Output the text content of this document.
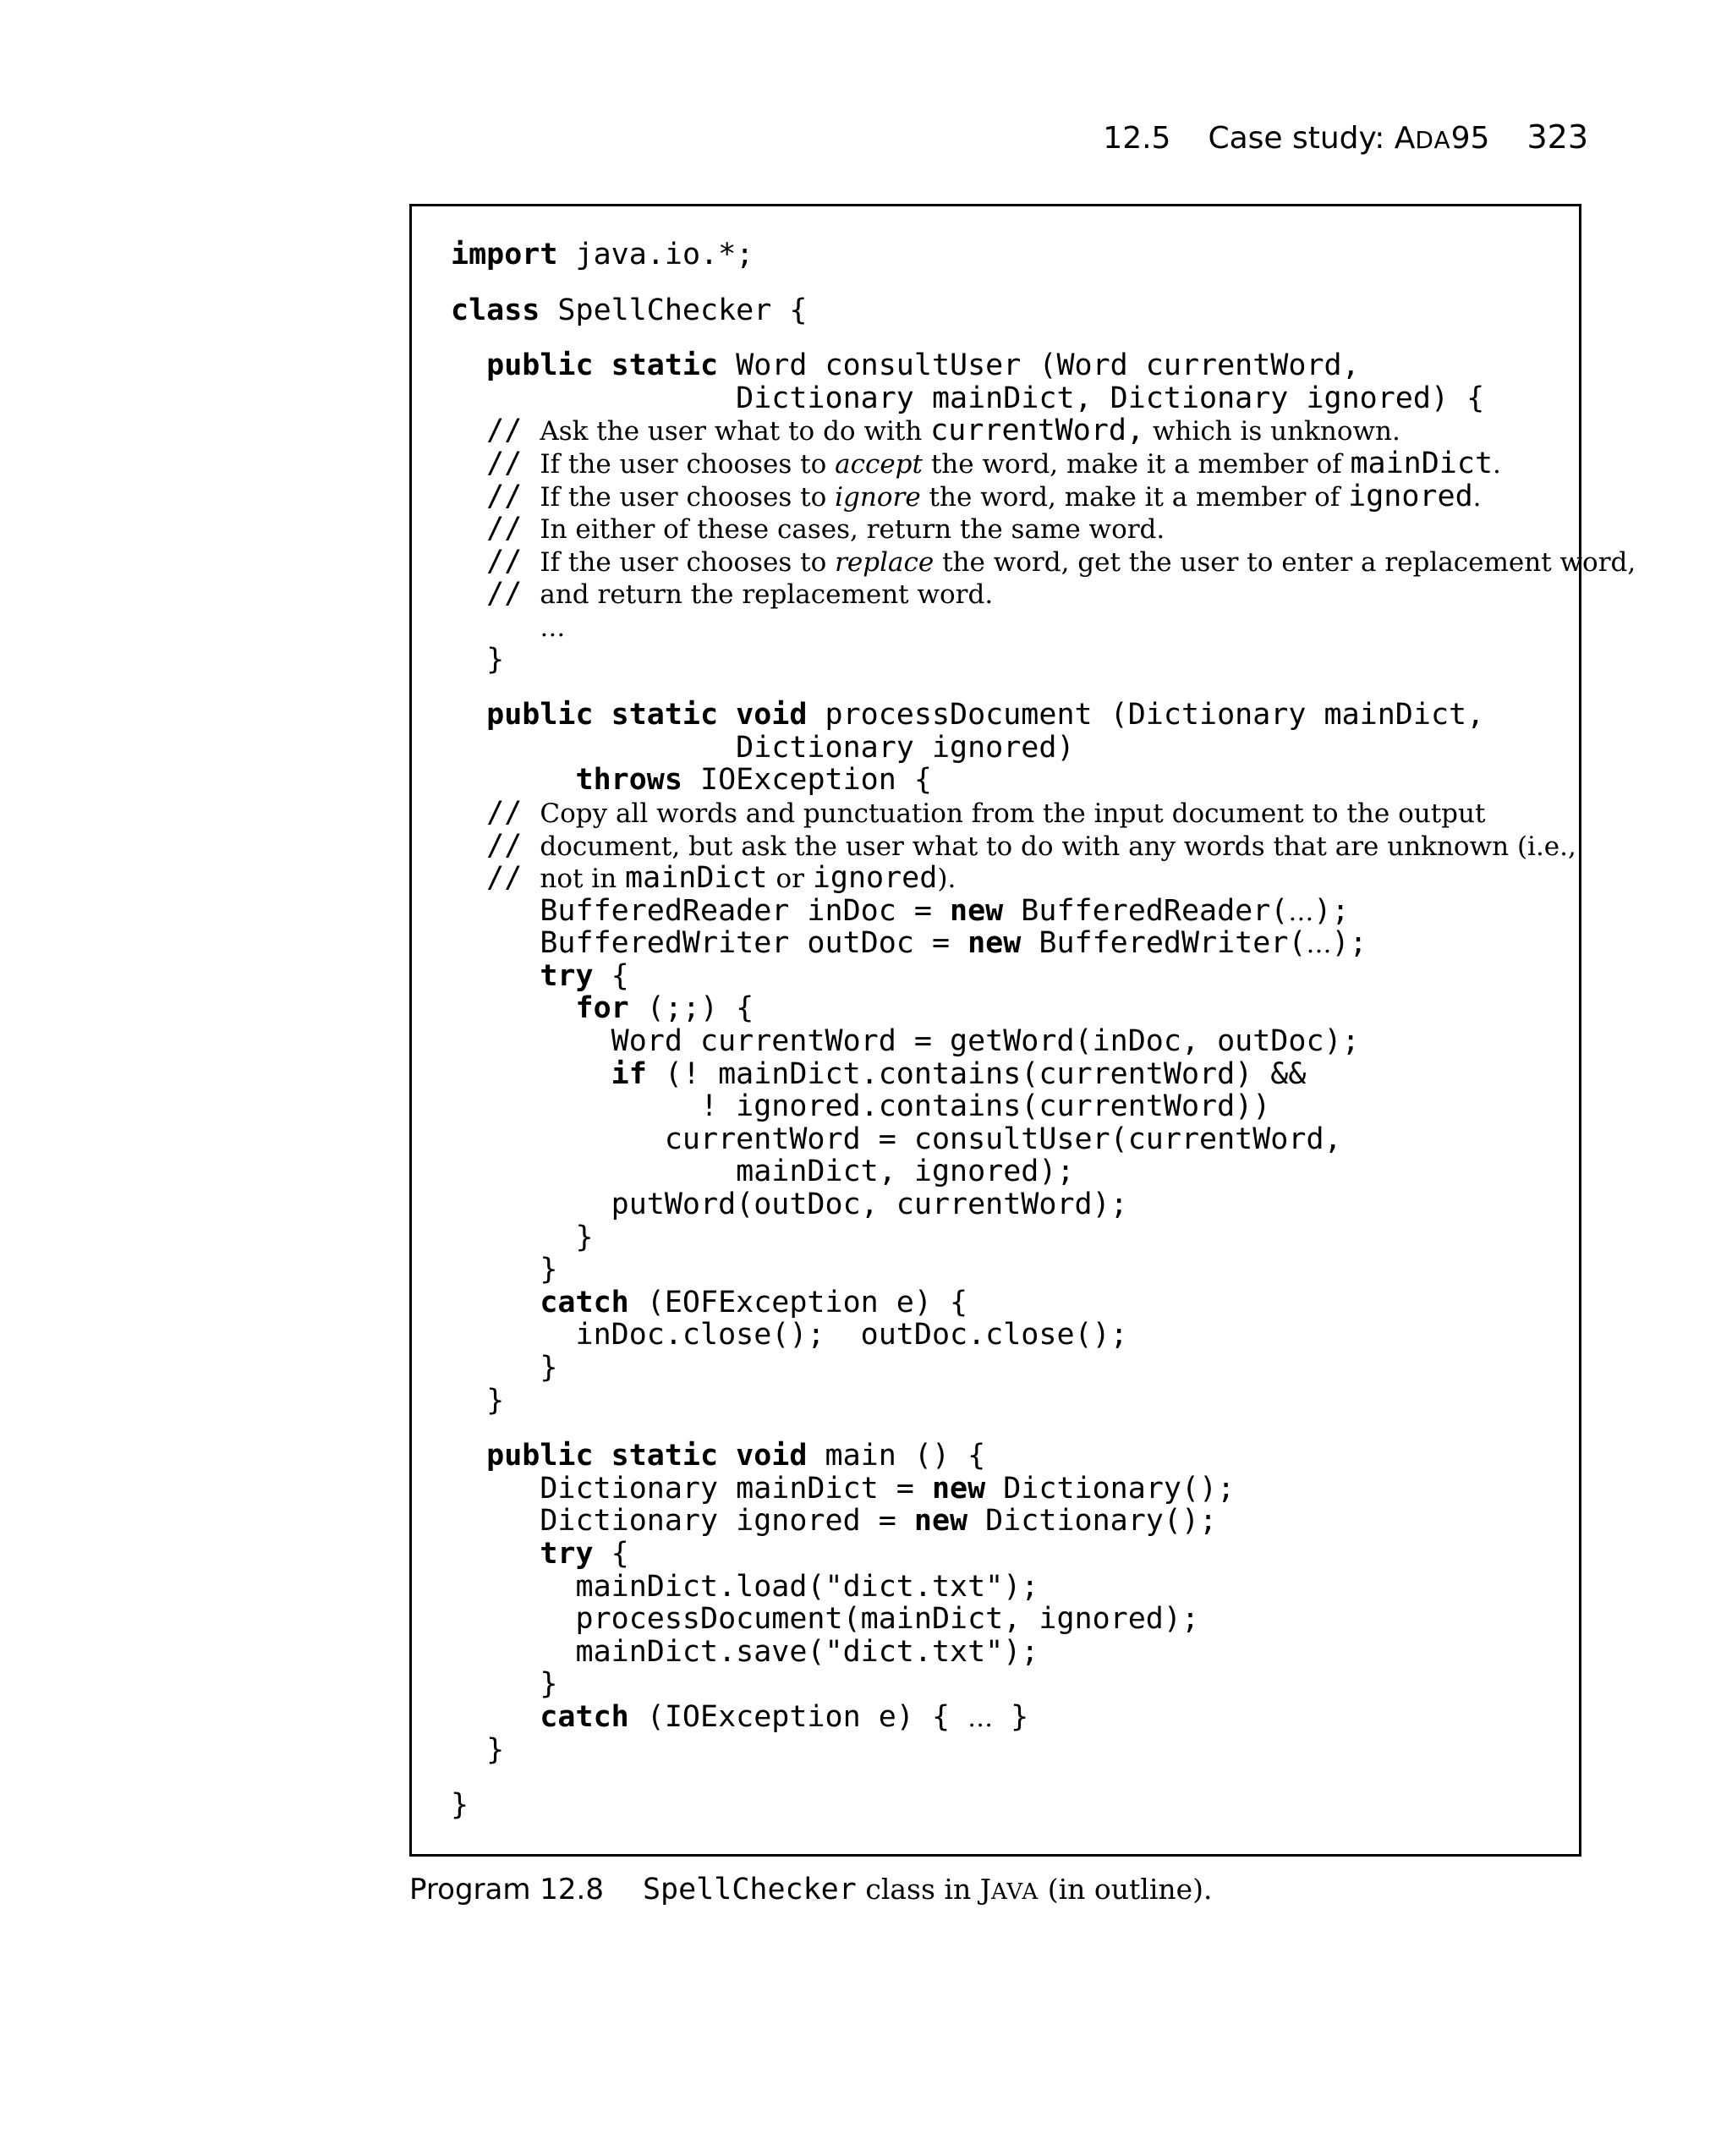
12.5 Case study: ADA95 323
import java.io.*;
class SpellChecker {
public static Word consultUser (Word currentWord,
Dictionary mainDict, Dictionary ignored) {
// Ask the user what to do with currentWord, which is unknown.
// If the user chooses to accept the word, make it a member of mainDict.
// If the user chooses to ignore the word, make it a member of ignored.
// In either of these cases, return the same word.
// If the user chooses to replace the word, get the user to enter a replacement word,
// and return the replacement word.
…
}
public static void processDocument (Dictionary mainDict,
Dictionary ignored)
throws IOException {
// Copy all words and punctuation from the input document to the output
// document, but ask the user what to do with any words that are unknown (i.e.,
// not in mainDict or ignored).
BufferedReader inDoc = new BufferedReader(…);
BufferedWriter outDoc = new BufferedWriter(…);
try {
for (;;) {
Word currentWord = getWord(inDoc, outDoc);
if (! mainDict.contains(currentWord) &&
! ignored.contains(currentWord))
currentWord = consultUser(currentWord,
mainDict, ignored);
putWord(outDoc, currentWord);
}
}
catch (EOFException e) {
inDoc.close();  outDoc.close();
}
}
public static void main () {
Dictionary mainDict = new Dictionary();
Dictionary ignored = new Dictionary();
try {
mainDict.load("dict.txt");
processDocument(mainDict, ignored);
mainDict.save("dict.txt");
}
catch (IOException e) { … }
}
}
Program 12.8 SpellChecker class in JAVA (in outline).
